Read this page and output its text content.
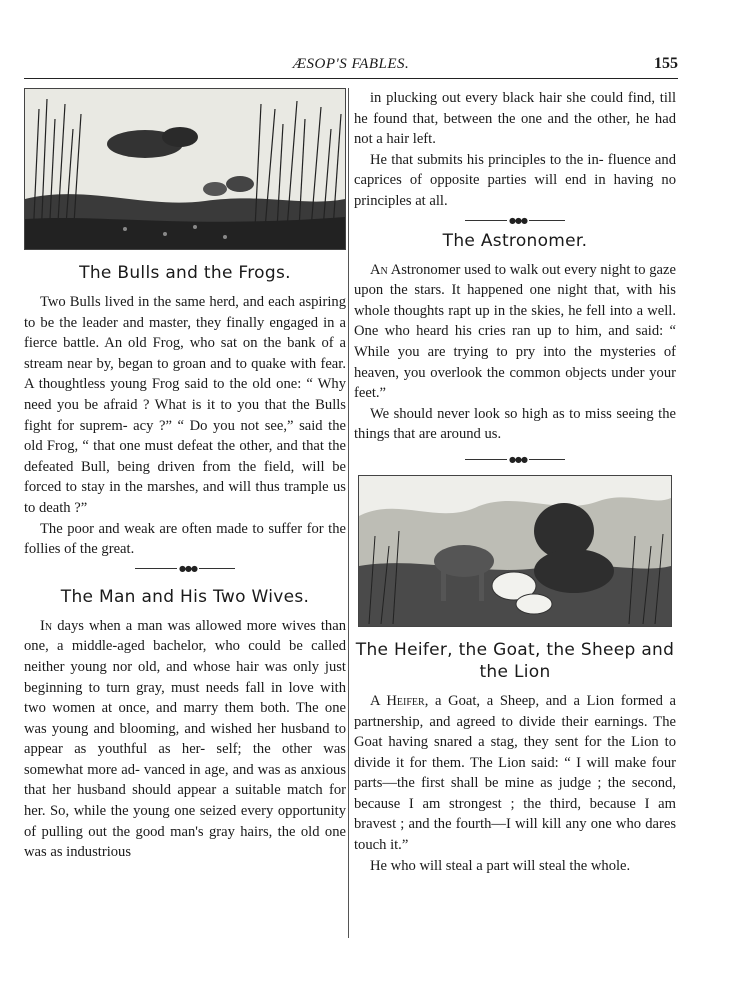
ÆSOP'S FABLES.	155
The Bulls and the Frogs.

Two Bulls lived in the same herd, and each aspiring to be the leader and master, they finally engaged in a fierce battle. An old Frog, who sat on the bank of a stream near by, began to groan and to quake with fear. A thoughtless young Frog said to the old one: “ Why need you be afraid ? What is it to you that the Bulls fight for suprem- acy ?” “ Do you not see,” said the old Frog, “ that one must defeat the other, and that the defeated Bull, being driven from the field, will be forced to stay in the marshes, and will thus trample us to death ?”

The poor and weak are often made to suffer for the follies of the great.

●●●
The Man and His Two Wives.

In days when a man was allowed more wives than one, a middle-aged bachelor, who could be called neither young nor old, and whose hair was only just beginning to turn gray, must needs fall in love with two women at once, and marry them both. The one was young and blooming, and wished her husband to appear as youthful as her- self; the other was somewhat more ad- vanced in age, and was as anxious that her husband should appear a suitable match for her. So, while the young one seized every opportunity of pulling out the good man's gray hairs, the old one was as industrious

in plucking out every black hair she could find, till he found that, between the one and the other, he had not a hair left.

He that submits his principles to the in- fluence and caprices of opposite parties will end in having no principles at all.

●●●
The Astronomer.

An Astronomer used to walk out every night to gaze upon the stars. It happened one night that, with his whole thoughts rapt up in the skies, he fell into a well. One who heard his cries ran up to him, and said: “ While you are trying to pry into the mysteries of heaven, you overlook the common objects under your feet.”

We should never look so high as to miss seeing the things that are around us.

●●●
The Heifer, the Goat, the Sheep and the Lion

A Heifer, a Goat, a Sheep, and a Lion formed a partnership, and agreed to divide their earnings. The Goat having snared a stag, they sent for the Lion to divide it for them. The Lion said: “ I will make four parts—the first shall be mine as judge ; the second, because I am strongest ; the third, because I am bravest ; and the fourth—I will kill any one who dares touch it.”

He who will steal a part will steal the whole.
